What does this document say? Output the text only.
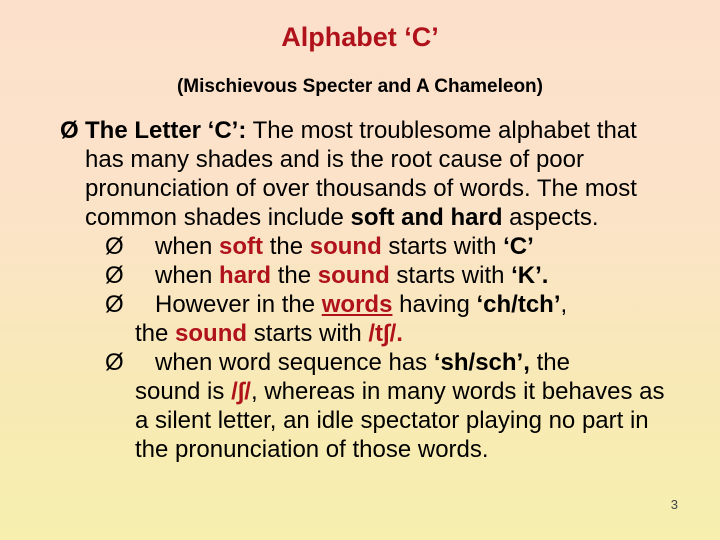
Alphabet ‘C’
(Mischievous Specter and A Chameleon)
Ø The Letter ‘C’: The most troublesome alphabet that has many shades and is the root cause of poor pronunciation of over thousands of words. The most common shades include soft and hard aspects.
Ø when soft the sound starts with ‘C’
Ø when hard the sound starts with ‘K’.
Ø However in the words having ‘ch/tch’,
the sound starts with /t∫/.
Ø when word sequence has ‘sh/sch’, the
sound is /∫/, whereas in many words it behaves as a silent letter, an idle spectator playing no part in the pronunciation of those words.
3
